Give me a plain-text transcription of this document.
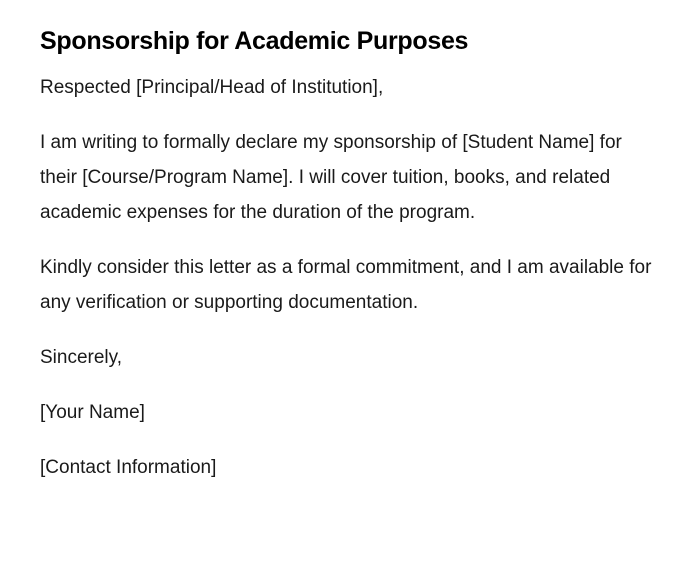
Sponsorship for Academic Purposes

Respected [Principal/Head of Institution],

I am writing to formally declare my sponsorship of [Student Name] for their [Course/Program Name]. I will cover tuition, books, and related academic expenses for the duration of the program.

Kindly consider this letter as a formal commitment, and I am available for any verification or supporting documentation.

Sincerely,

[Your Name]

[Contact Information]
